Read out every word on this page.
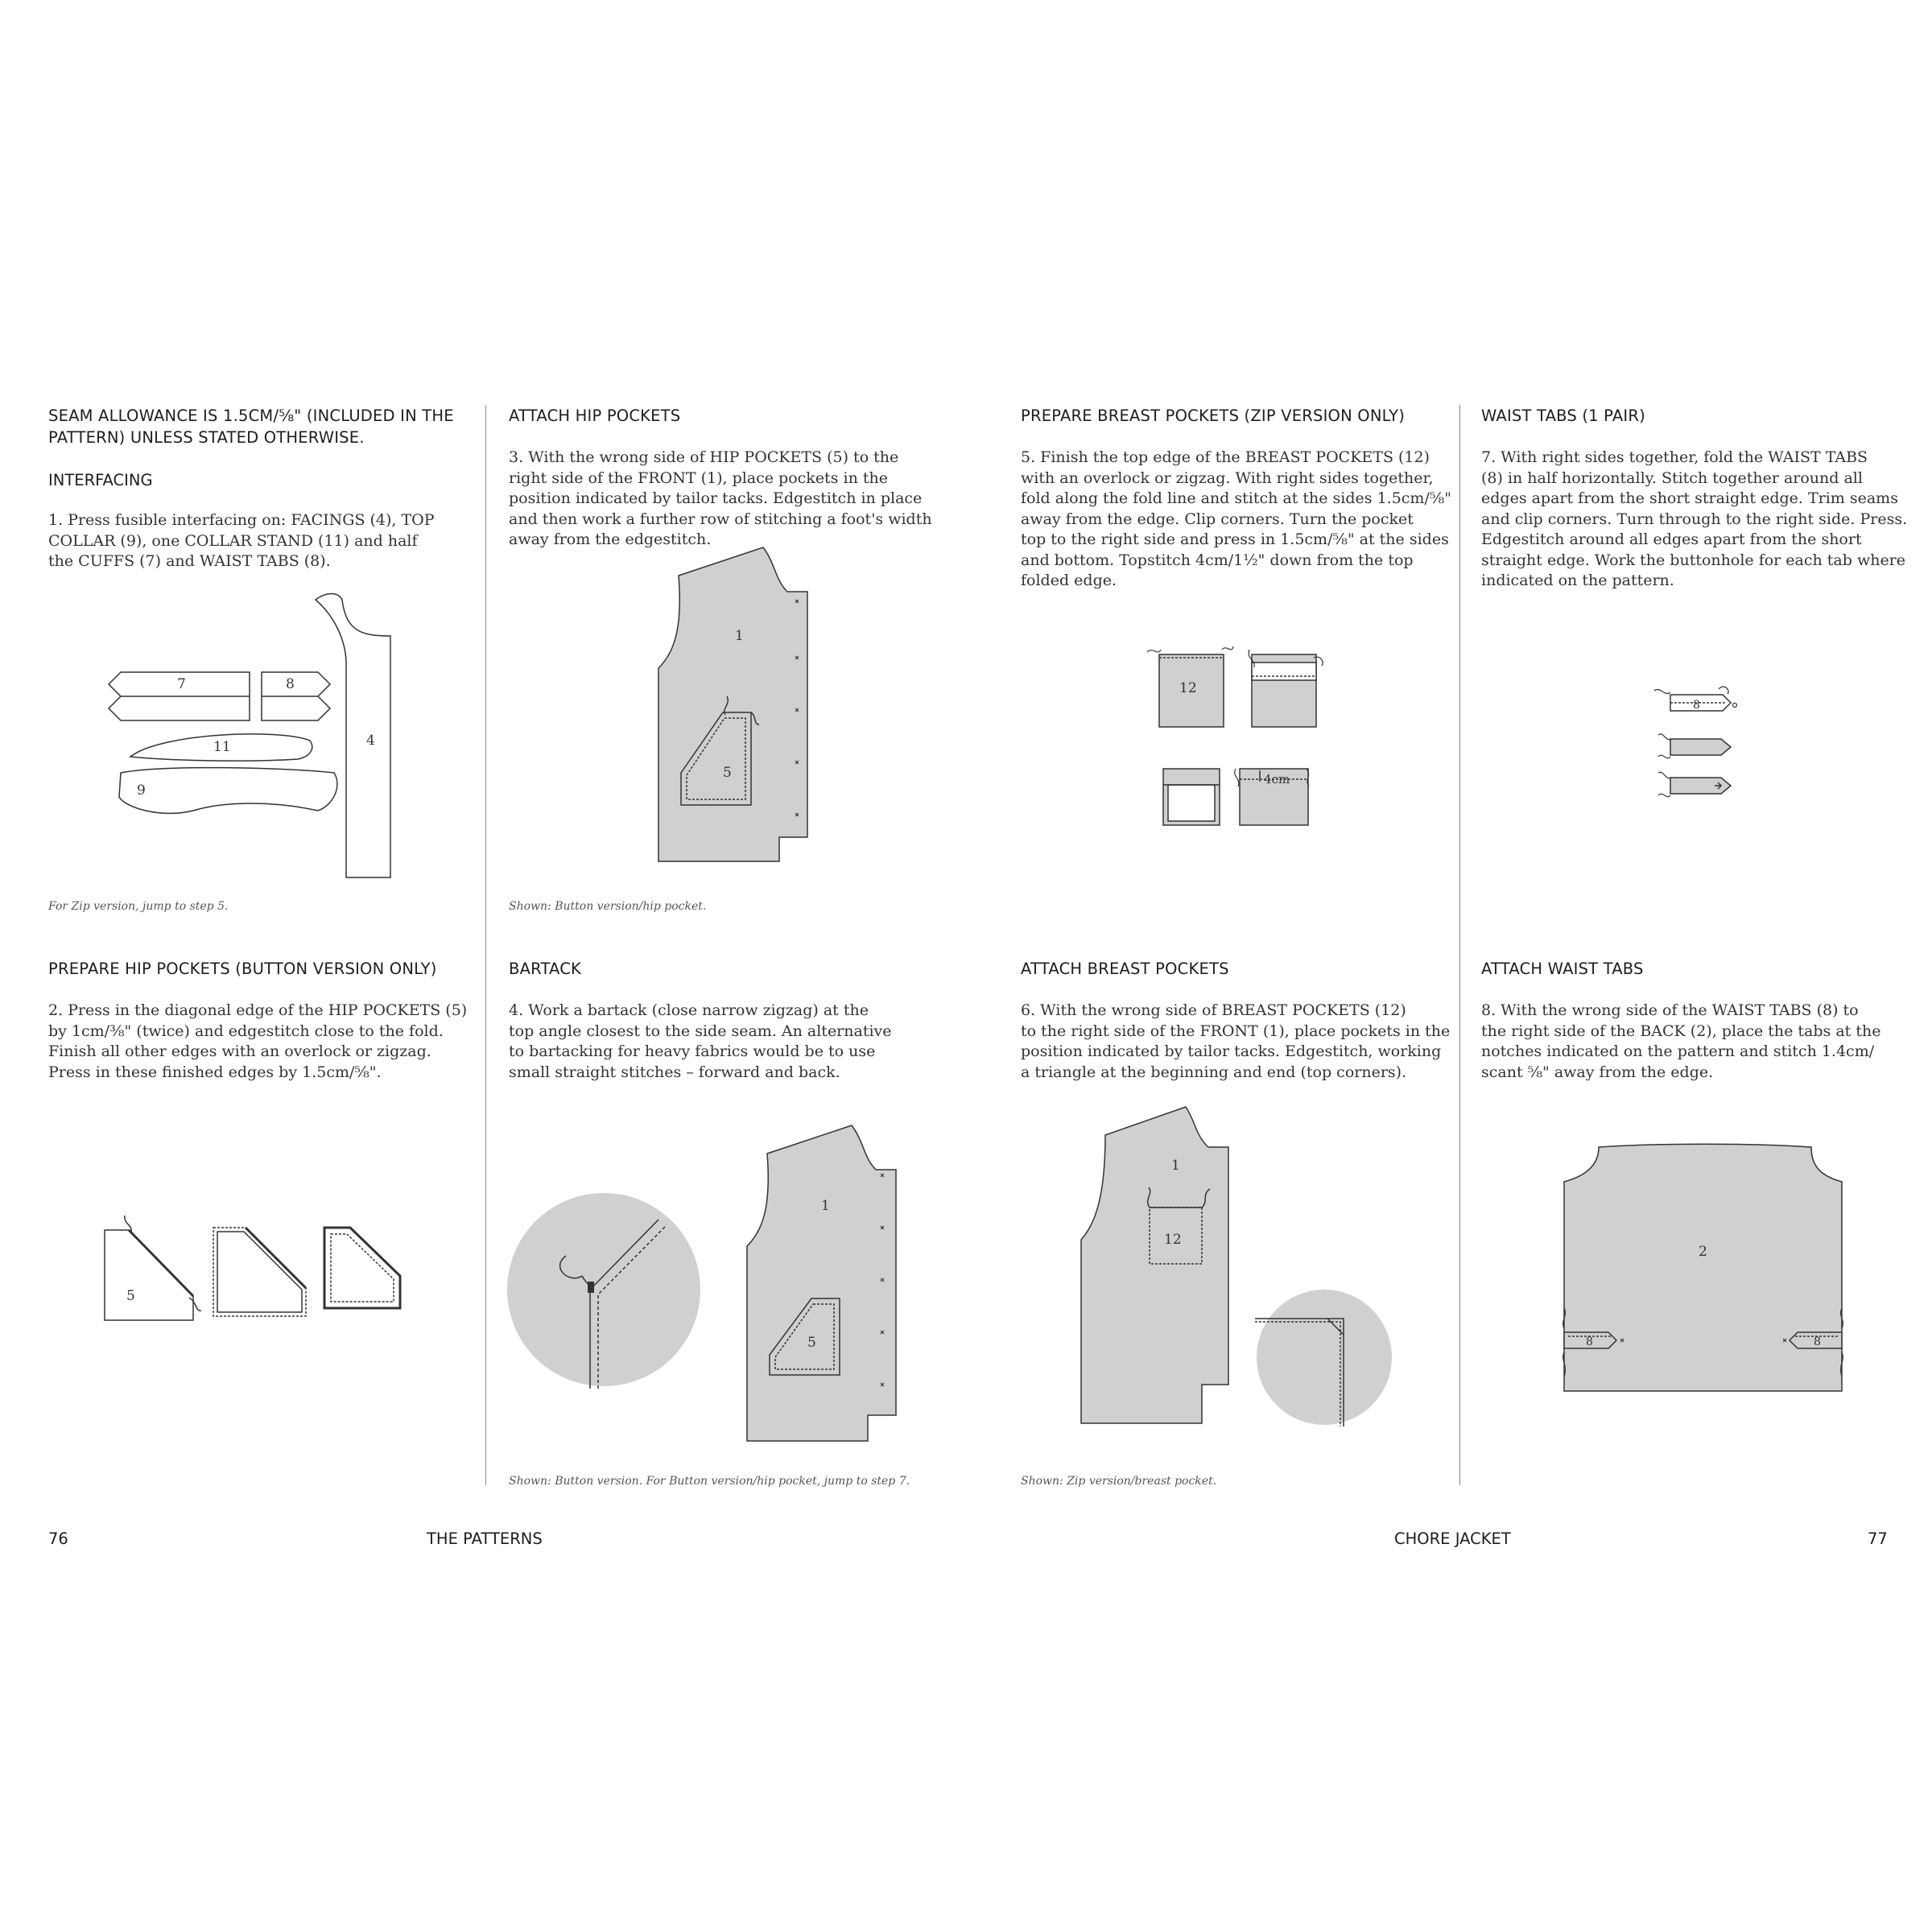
SEAM ALLOWANCE IS 1.5CM/⅝" (INCLUDED IN THE PATTERN) UNLESS STATED OTHERWISE.
INTERFACING
1. Press fusible interfacing on: FACINGS (4), TOP
COLLAR (9), one COLLAR STAND (11) and half
the CUFFS (7) and WAIST TABS (8).
7	8
11	4
9
For Zip version, jump to step 5.
PREPARE HIP POCKETS (BUTTON VERSION ONLY)
2. Press in the diagonal edge of the HIP POCKETS (5)
by 1cm/⅜" (twice) and edgestitch close to the fold.
Finish all other edges with an overlock or zigzag.
Press in these finished edges by 1.5cm/⅝".
5
ATTACH HIP POCKETS
3. With the wrong side of HIP POCKETS (5) to the
right side of the FRONT (1), place pockets in the
position indicated by tailor tacks. Edgestitch in place
and then work a further row of stitching a foot's width
away from the edgestitch.
1
5
Shown: Button version/hip pocket.
BARTACK
4. Work a bartack (close narrow zigzag) at the
top angle closest to the side seam. An alternative
to bartacking for heavy fabrics would be to use
small straight stitches – forward and back.
1
5
Shown: Button version. For Button version/hip pocket, jump to step 7.
PREPARE BREAST POCKETS (ZIP VERSION ONLY)
5. Finish the top edge of the BREAST POCKETS (12)
with an overlock or zigzag. With right sides together,
fold along the fold line and stitch at the sides 1.5cm/⅝"
away from the edge. Clip corners. Turn the pocket
top to the right side and press in 1.5cm/⅝" at the sides
and bottom. Topstitch 4cm/1½" down from the top
folded edge.
12
4cm
ATTACH BREAST POCKETS
6. With the wrong side of BREAST POCKETS (12)
to the right side of the FRONT (1), place pockets in the
position indicated by tailor tacks. Edgestitch, working
a triangle at the beginning and end (top corners).
1
12
Shown: Zip version/breast pocket.
WAIST TABS (1 PAIR)
7. With right sides together, fold the WAIST TABS
(8) in half horizontally. Stitch together around all
edges apart from the short straight edge. Trim seams
and clip corners. Turn through to the right side. Press.
Edgestitch around all edges apart from the short
straight edge. Work the buttonhole for each tab where
indicated on the pattern.
8
ATTACH WAIST TABS
8. With the wrong side of the WAIST TABS (8) to
the right side of the BACK (2), place the tabs at the
notches indicated on the pattern and stitch 1.4cm/
scant ⅝" away from the edge.
2
8	8
76	THE PATTERNS	CHORE JACKET	77
